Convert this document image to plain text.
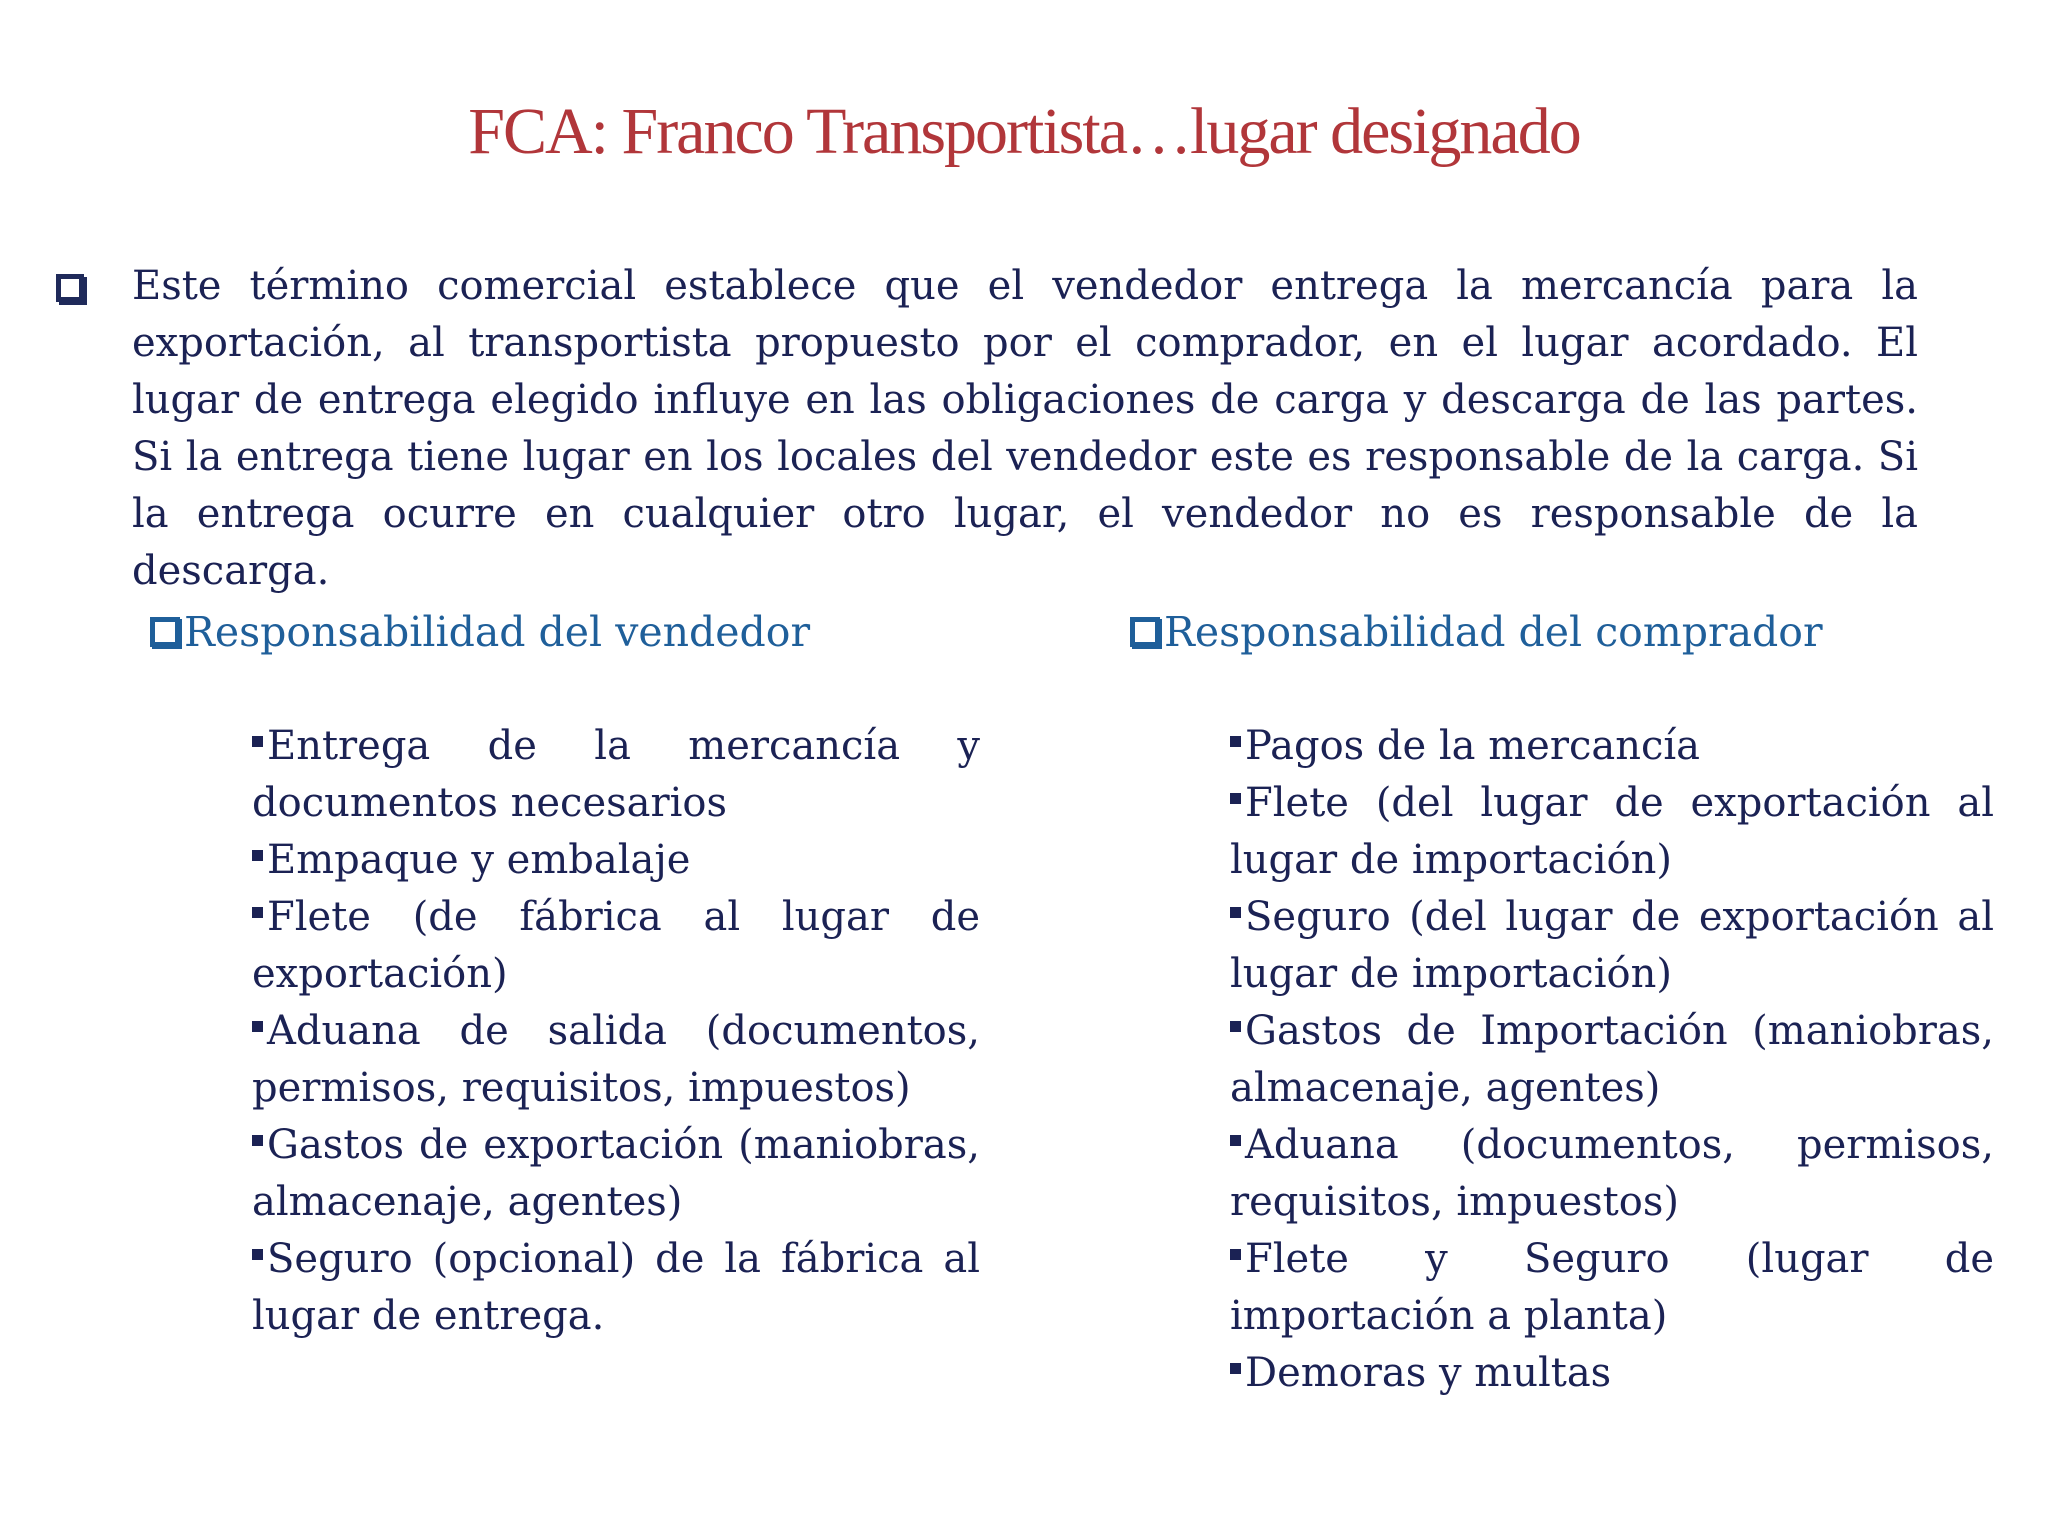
FCA: Franco Transportista…lugar designado
Este término comercial establece que el vendedor entrega la mercancía para la exportación, al transportista propuesto por el comprador, en el lugar acordado. El lugar de entrega elegido influye en las obligaciones de carga y descarga de las partes. Si la entrega tiene lugar en los locales del vendedor este es responsable de la carga. Si la entrega ocurre en cualquier otro lugar, el vendedor no es responsable de la descarga.
Responsabilidad del vendedor	Responsabilidad del comprador
Entrega de la mercancía y documentos necesarios
Empaque y embalaje
Flete (de fábrica al lugar de exportación)
Aduana de salida (documentos, permisos, requisitos, impuestos)
Gastos de exportación (maniobras, almacenaje, agentes)
Seguro (opcional) de la fábrica al lugar de entrega.
Pagos de la mercancía
Flete (del lugar de exportación al lugar de importación)
Seguro (del lugar de exportación al lugar de importación)
Gastos de Importación (maniobras, almacenaje, agentes)
Aduana (documentos, permisos, requisitos, impuestos)
Flete y Seguro (lugar de importación a planta)
Demoras y multas
